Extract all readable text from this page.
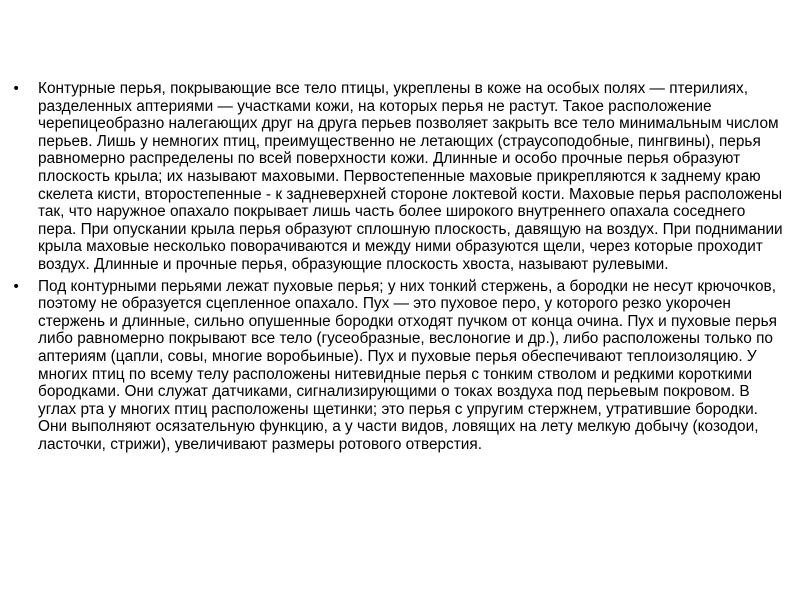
• Контурные перья, покрывающие все тело птицы, укреплены в коже на особых полях — птерилиях, разделенных аптериями — участками кожи, на которых перья не растут. Такое расположение черепицеобразно налегающих друг на друга перьев позволяет закрыть все тело минимальным числом перьев. Лишь у немногих птиц, преимущественно не летающих (страусоподобные, пингвины), перья равномерно распределены по всей поверхности кожи. Длинные и особо прочные перья образуют плоскость крыла; их называют маховыми. Первостепенные маховые прикрепляются к заднему краю скелета кисти, второстепенные - к задневерхней стороне локтевой кости. Маховые перья расположены так, что наружное опахало покрывает лишь часть более широкого внутреннего опахала соседнего пера. При опускании крыла перья образуют сплошную плоскость, давящую на воздух. При поднимании крыла маховые несколько поворачиваются и между ними образуются щели, через которые проходит воздух. Длинные и прочные перья, образующие плоскость хвоста, называют рулевыми.
• Под контурными перьями лежат пуховые перья; у них тонкий стержень, а бородки не несут крючочков, поэтому не образуется сцепленное опахало. Пух — это пуховое перо, у которого резко укорочен стержень и длинные, сильно опушенные бородки отходят пучком от конца очина. Пух и пуховые перья либо равномерно покрывают все тело (гусеобразные, веслоногие и др.), либо расположены только по аптериям (цапли, совы, многие воробьиные). Пух и пуховые перья обеспечивают теплоизоляцию. У многих птиц по всему телу расположены нитевидные перья с тонким стволом и редкими короткими бородками. Они служат датчиками, сигнализирующими о токах воздуха под перьевым покровом. В углах рта у многих птиц расположены щетинки; это перья с упругим стержнем, утратившие бородки. Они выполняют осязательную функцию, а у части видов, ловящих на лету мелкую добычу (козодои, ласточки, стрижи), увеличивают размеры ротового отверстия.
